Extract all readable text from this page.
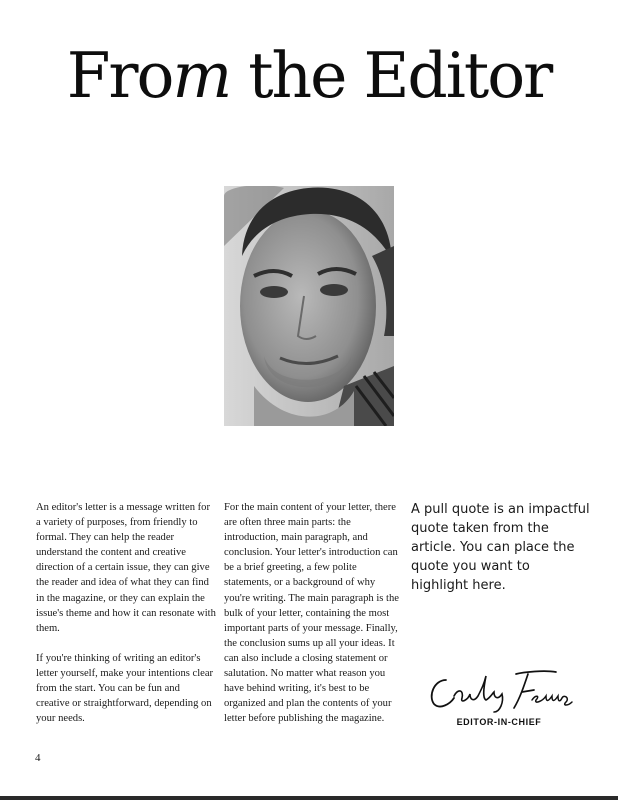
From the Editor

An editor's letter is a message written for a variety of purposes, from friendly to formal. They can help the reader understand the content and creative direction of a certain issue, they can give the reader and idea of what they can find in the magazine, or they can explain the issue's theme and how it can resonate with them.

If you're thinking of writing an editor's letter yourself, make your intentions clear from the start. You can be fun and creative or straightforward, depending on your needs.

For the main content of your letter, there are often three main parts: the introduction, main paragraph, and conclusion. Your letter's introduction can be a brief greeting, a few polite statements, or a background of why you're writing. The main paragraph is the bulk of your letter, containing the most important parts of your message. Finally, the conclusion sums up all your ideas. It can also include a closing statement or salutation. No matter what reason you have behind writing, it's best to be organized and plan the contents of your letter before publishing the magazine.

A pull quote is an impactful quote taken from the article. You can place the quote you want to highlight here.

EDITOR-IN-CHIEF
4
